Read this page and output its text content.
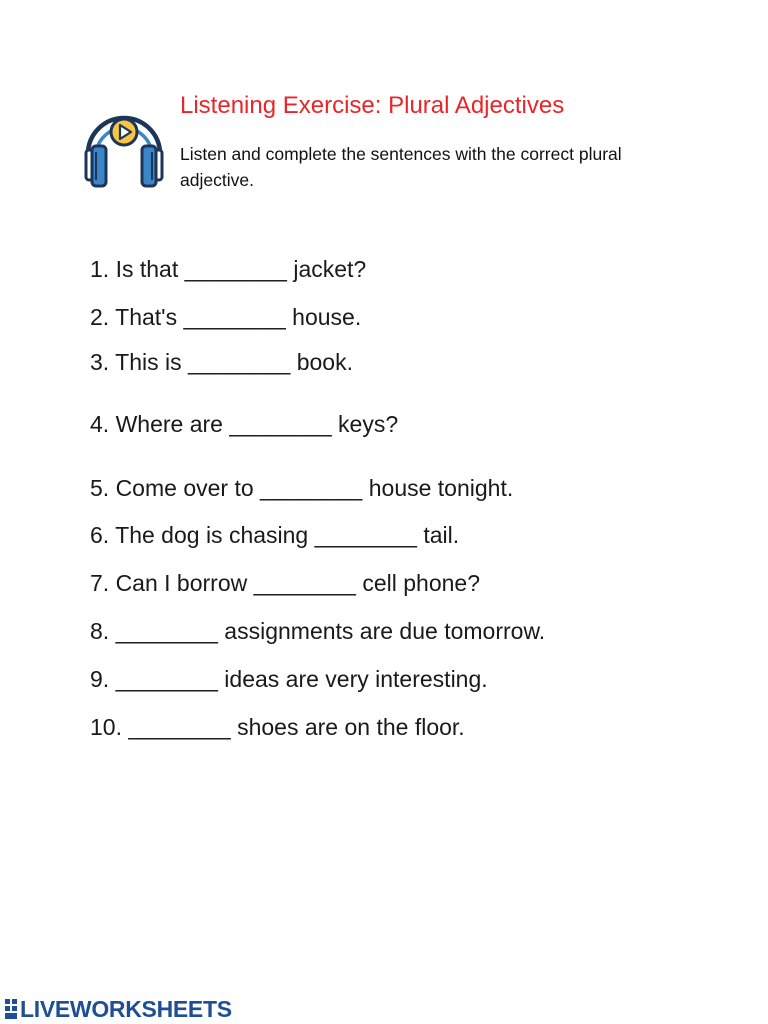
Listening Exercise: Plural Adjectives
Listen and complete the sentences with the correct plural adjective.
1. Is that ________ jacket?
2. That's ________ house.
3. This is ________ book.
4. Where are ________ keys?
5. Come over to ________ house tonight.
6. The dog is chasing ________ tail.
7. Can I borrow ________ cell phone?
8. ________ assignments are due tomorrow.
9. ________ ideas are very interesting.
10. ________ shoes are on the floor.
LIVEWORKSHEETS
